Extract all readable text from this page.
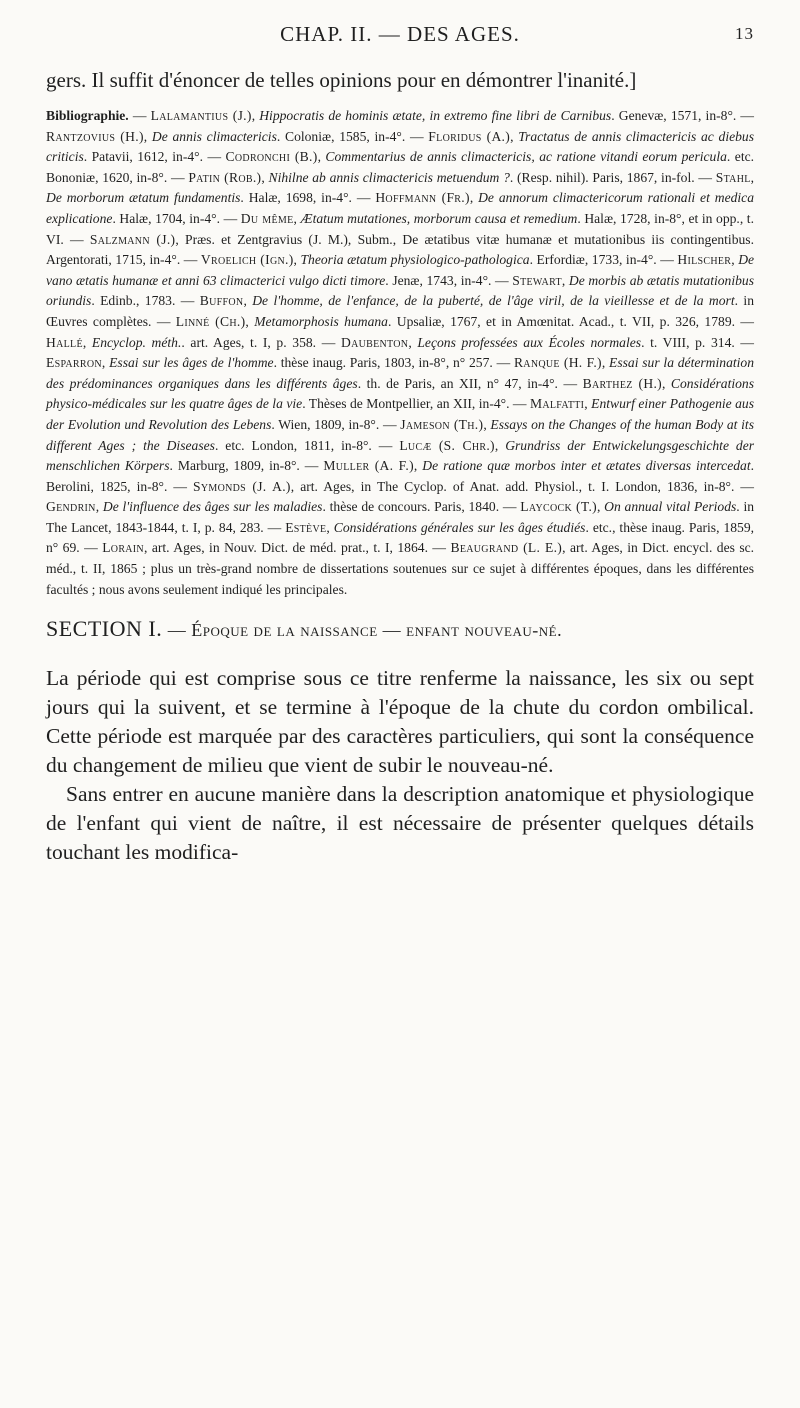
CHAP. II. — DES AGES.	13
gers. Il suffit d'énoncer de telles opinions pour en démontrer l'inanité.]
Bibliographie. — Lalamantius (J.), Hippocratis de hominis ætate, in extremo fine libri de Carnibus. Genevæ, 1571, in-8°. — Rantzovius (H.), De annis climactericis. Coloniæ, 1585, in-4°. — Floridus (A.), Tractatus de annis climactericis ac diebus criticis. Patavii, 1612, in-4°. — Codronchi (B.), Commentarius de annis climactericis, ac ratione vitandi eorum pericula. etc. Bononiæ, 1620, in-8°. — Patin (Rob.), Nihilne ab annis climactericis metuendum ?. (Resp. nihil). Paris, 1867, in-fol. — Stahl, De morborum ætatum fundamentis. Halæ, 1698, in-4°. — Hoffmann (Fr.), De annorum climactericorum rationali et medica explicatione. Halæ, 1704, in-4°. — Du même, Ætatum mutationes, morborum causa et remedium. Halæ, 1728, in-8°, et in opp., t. VI. — Salzmann (J.), Præs. et Zentgravius (J. M.), Subm., De ætatibus vitæ humanæ et mutationibus iis contingentibus. Argentorati, 1715, in-4°. — Vroelich (Ign.), Theoria ætatum physiologico-pathologica. Erfordiæ, 1733, in-4°. — Hilscher, De vano ætatis humanæ et anni 63 climacterici vulgo dicti timore. Jenæ, 1743, in-4°. — Stewart, De morbis ab ætatis mutationibus oriundis. Edinb., 1783. — Buffon, De l'homme, de l'enfance, de la puberté, de l'âge viril, de la vieillesse et de la mort. in Œuvres complètes. — Linné (Ch.), Metamorphosis humana. Upsaliæ, 1767, et in Amœnitat. Acad., t. VII, p. 326, 1789. — Hallé, Encyclop. méth.. art. Ages, t. I, p. 358. — Daubenton, Leçons professées aux Écoles normales. t. VIII, p. 314. — Esparron, Essai sur les âges de l'homme. thèse inaug. Paris, 1803, in-8°, n° 257. — Ranque (H. F.), Essai sur la détermination des prédominances organiques dans les différents âges. th. de Paris, an XII, n° 47, in-4°. — Barthez (H.), Considérations physico-médicales sur les quatre âges de la vie. Thèses de Montpellier, an XII, in-4°. — Malfatti, Entwurf einer Pathogenie aus der Evolution und Revolution des Lebens. Wien, 1809, in-8°. — Jameson (Th.), Essays on the Changes of the human Body at its different Ages ; the Diseases. etc. London, 1811, in-8°. — Lucæ (S. Chr.), Grundriss der Entwickelungsgeschichte der menschlichen Körpers. Marburg, 1809, in-8°. — Muller (A. F.), De ratione quæ morbos inter et ætates diversas intercedat. Berolini, 1825, in-8°. — Symonds (J. A.), art. Ages, in The Cyclop. of Anat. add. Physiol., t. I. London, 1836, in-8°. — Gendrin, De l'influence des âges sur les maladies. thèse de concours. Paris, 1840. — Laycock (T.), On annual vital Periods. in The Lancet, 1843-1844, t. I, p. 84, 283. — Estève, Considérations générales sur les âges étudiés. etc., thèse inaug. Paris, 1859, n° 69. — Lorain, art. Ages, in Nouv. Dict. de méd. prat., t. I, 1864. — Beaugrand (L. E.), art. Ages, in Dict. encycl. des sc. méd., t. II, 1865 ; plus un très-grand nombre de dissertations soutenues sur ce sujet à différentes époques, dans les différentes facultés ; nous avons seulement indiqué les principales.
SECTION I. — Époque de la naissance — enfant nouveau-né.

La période qui est comprise sous ce titre renferme la naissance, les six ou sept jours qui la suivent, et se termine à l'époque de la chute du cordon ombilical. Cette période est marquée par des caractères particuliers, qui sont la conséquence du changement de milieu que vient de subir le nouveau-né.

Sans entrer en aucune manière dans la description anatomique et physiologique de l'enfant qui vient de naître, il est nécessaire de présenter quelques détails touchant les modifica-
